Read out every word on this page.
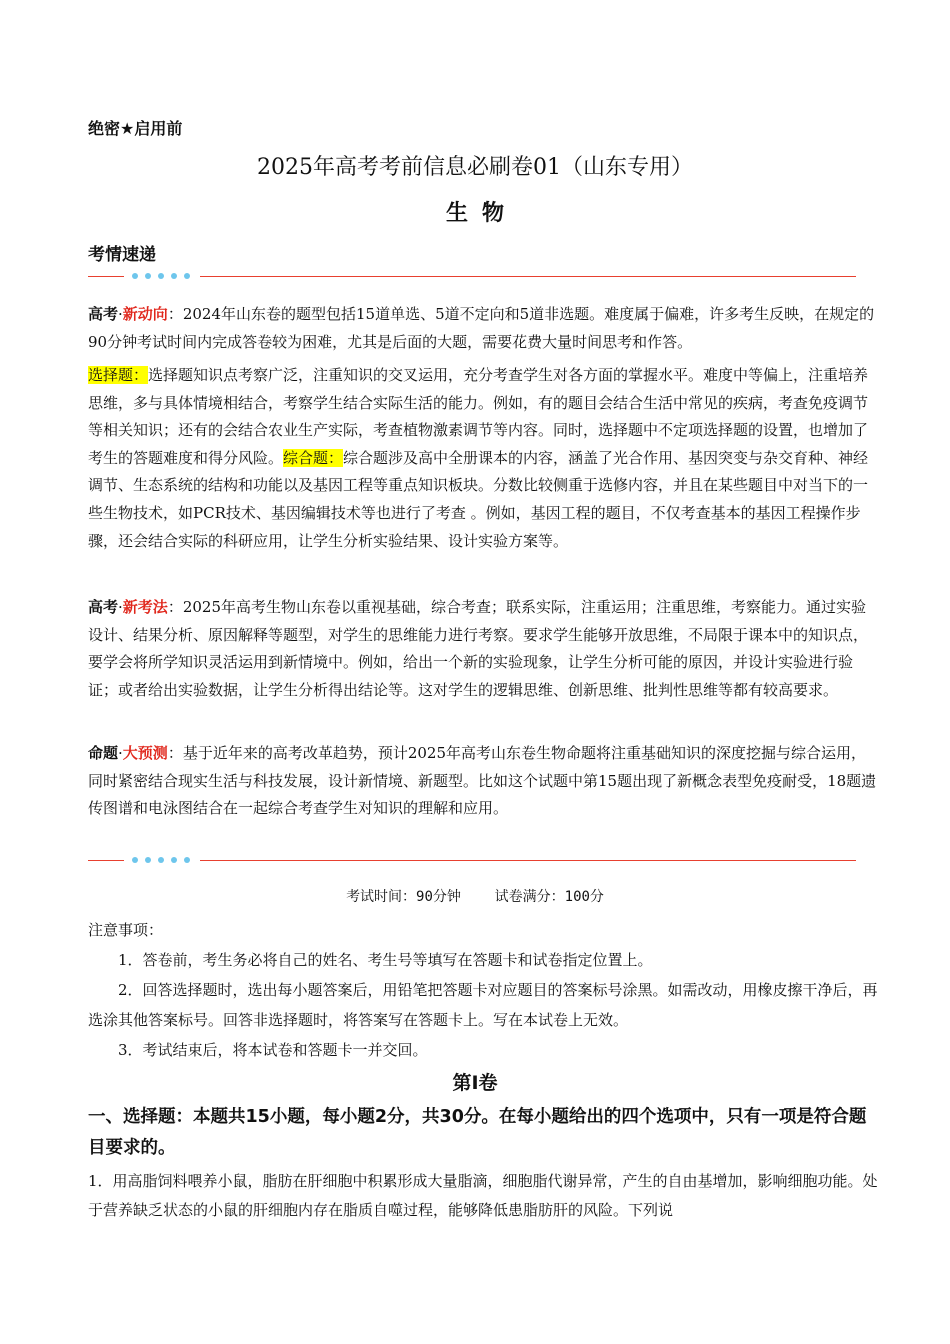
绝密★启用前
2025年高考考前信息必刷卷01（山东专用）
生物
考情速递
高考·新动向：2024年山东卷的题型包括15道单选、5道不定向和5道非选题。难度属于偏难，许多考生反映，在规定的90分钟考试时间内完成答卷较为困难，尤其是后面的大题，需要花费大量时间思考和作答。
选择题：选择题知识点考察广泛，注重知识的交叉运用，充分考查学生对各方面的掌握水平。难度中等偏上，注重培养思维，多与具体情境相结合，考察学生结合实际生活的能力。例如，有的题目会结合生活中常见的疾病，考查免疫调节等相关知识；还有的会结合农业生产实际，考查植物激素调节等内容。同时，选择题中不定项选择题的设置，也增加了考生的答题难度和得分风险。综合题：综合题涉及高中全册课本的内容，涵盖了光合作用、基因突变与杂交育种、神经调节、生态系统的结构和功能以及基因工程等重点知识板块。分数比较侧重于选修内容，并且在某些题目中对当下的一些生物技术，如PCR技术、基因编辑技术等也进行了考查 。例如，基因工程的题目，不仅考查基本的基因工程操作步骤，还会结合实际的科研应用，让学生分析实验结果、设计实验方案等。
高考·新考法：2025年高考生物山东卷以重视基础，综合考查；联系实际，注重运用；注重思维，考察能力。通过实验设计、结果分析、原因解释等题型，对学生的思维能力进行考察。要求学生能够开放思维，不局限于课本中的知识点，要学会将所学知识灵活运用到新情境中。例如，给出一个新的实验现象，让学生分析可能的原因，并设计实验进行验证；或者给出实验数据，让学生分析得出结论等。这对学生的逻辑思维、创新思维、批判性思维等都有较高要求。
命题·大预测：基于近年来的高考改革趋势，预计2025年高考山东卷生物命题将注重基础知识的深度挖掘与综合运用，同时紧密结合现实生活与科技发展，设计新情境、新题型。比如这个试题中第15题出现了新概念表型免疫耐受，18题遗传图谱和电泳图结合在一起综合考查学生对知识的理解和应用。
考试时间：90分钟    试卷满分：100分
注意事项：
1．答卷前，考生务必将自己的姓名、考生号等填写在答题卡和试卷指定位置上。
2．回答选择题时，选出每小题答案后，用铅笔把答题卡对应题目的答案标号涂黑。如需改动，用橡皮擦干净后，再选涂其他答案标号。回答非选择题时，将答案写在答题卡上。写在本试卷上无效。
3．考试结束后，将本试卷和答题卡一并交回。
第Ⅰ卷
一、选择题：本题共15小题，每小题2分，共30分。在每小题给出的四个选项中，只有一项是符合题目要求的。
1．用高脂饲料喂养小鼠，脂肪在肝细胞中积累形成大量脂滴，细胞脂代谢异常，产生的自由基增加，影响细胞功能。处于营养缺乏状态的小鼠的肝细胞内存在脂质自噬过程，能够降低患脂肪肝的风险。下列说
